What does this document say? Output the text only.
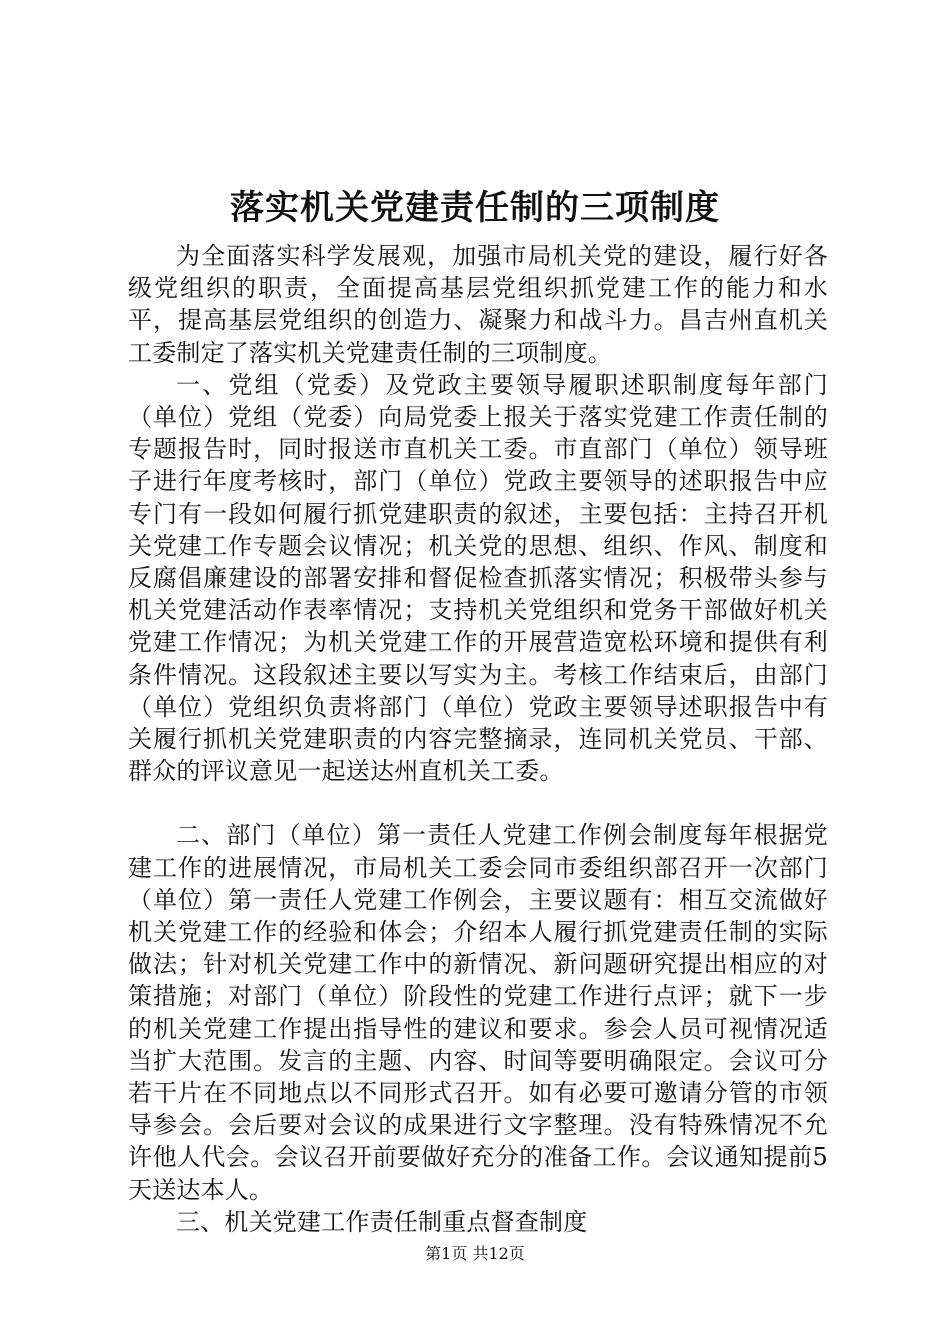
落实机关党建责任制的三项制度

为全面落实科学发展观，加强市局机关党的建设，履行好各级党组织的职责，全面提高基层党组织抓党建工作的能力和水平，提高基层党组织的创造力、凝聚力和战斗力。昌吉州直机关工委制定了落实机关党建责任制的三项制度。

一、党组（党委）及党政主要领导履职述职制度每年部门（单位）党组（党委）向局党委上报关于落实党建工作责任制的专题报告时，同时报送市直机关工委。市直部门（单位）领导班子进行年度考核时，部门（单位）党政主要领导的述职报告中应专门有一段如何履行抓党建职责的叙述，主要包括：主持召开机关党建工作专题会议情况；机关党的思想、组织、作风、制度和反腐倡廉建设的部署安排和督促检查抓落实情况；积极带头参与机关党建活动作表率情况；支持机关党组织和党务干部做好机关党建工作情况；为机关党建工作的开展营造宽松环境和提供有利条件情况。这段叙述主要以写实为主。考核工作结束后，由部门（单位）党组织负责将部门（单位）党政主要领导述职报告中有关履行抓机关党建职责的内容完整摘录，连同机关党员、干部、群众的评议意见一起送达州直机关工委。

二、部门（单位）第一责任人党建工作例会制度每年根据党建工作的进展情况，市局机关工委会同市委组织部召开一次部门（单位）第一责任人党建工作例会，主要议题有：相互交流做好机关党建工作的经验和体会；介绍本人履行抓党建责任制的实际做法；针对机关党建工作中的新情况、新问题研究提出相应的对策措施；对部门（单位）阶段性的党建工作进行点评；就下一步的机关党建工作提出指导性的建议和要求。参会人员可视情况适当扩大范围。发言的主题、内容、时间等要明确限定。会议可分若干片在不同地点以不同形式召开。如有必要可邀请分管的市领导参会。会后要对会议的成果进行文字整理。没有特殊情况不允许他人代会。会议召开前要做好充分的准备工作。会议通知提前5天送达本人。

三、机关党建工作责任制重点督查制度

第1页 共12页
